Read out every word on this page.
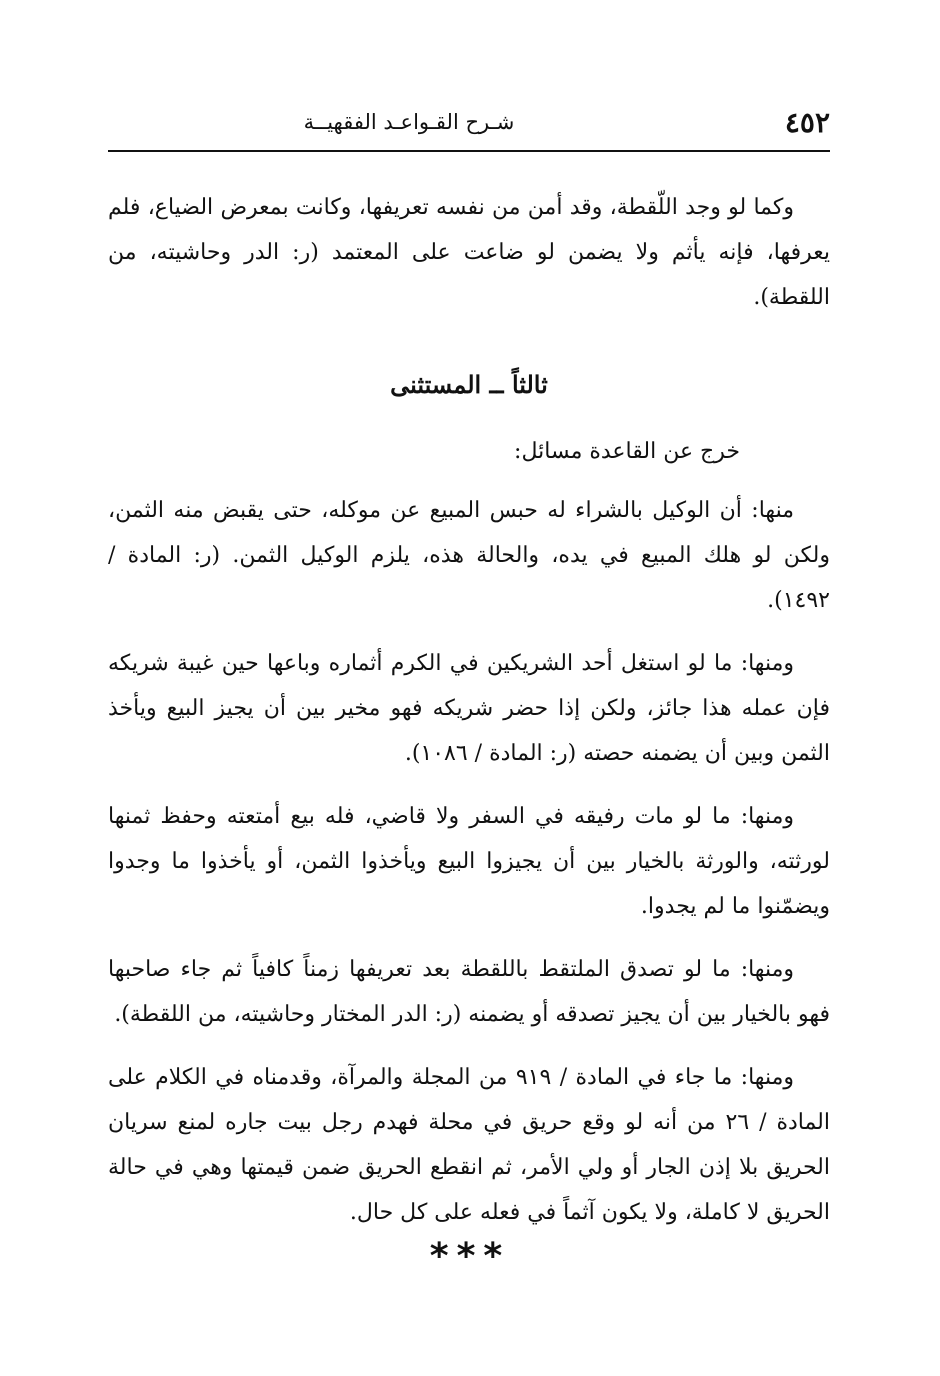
٤٥٢
شـرح القـواعـد الفقهيــة

وكما لو وجد اللّقطة، وقد أمن من نفسه تعريفها، وكانت بمعرض الضياع، فلم يعرفها، فإنه يأثم ولا يضمن لو ضاعت على المعتمد (ر: الدر وحاشيته، من اللقطة).

ثالثاً ــ المستثنى

خرج عن القاعدة مسائل:

منها: أن الوكيل بالشراء له حبس المبيع عن موكله، حتى يقبض منه الثمن، ولكن لو هلك المبيع في يده، والحالة هذه، يلزم الوكيل الثمن. (ر: المادة / ١٤٩٢).

ومنها: ما لو استغل أحد الشريكين في الكرم أثماره وباعها حين غيبة شريكه فإن عمله هذا جائز، ولكن إذا حضر شريكه فهو مخير بين أن يجيز البيع ويأخذ الثمن وبين أن يضمنه حصته (ر: المادة / ١٠٨٦).

ومنها: ما لو مات رفيقه في السفر ولا قاضي، فله بيع أمتعته وحفظ ثمنها لورثته، والورثة بالخيار بين أن يجيزوا البيع ويأخذوا الثمن، أو يأخذوا ما وجدوا ويضمّنوا ما لم يجدوا.

ومنها: ما لو تصدق الملتقط باللقطة بعد تعريفها زمناً كافياً ثم جاء صاحبها فهو بالخيار بين أن يجيز تصدقه أو يضمنه (ر: الدر المختار وحاشيته، من اللقطة).

ومنها: ما جاء في المادة / ٩١٩ من المجلة والمرآة، وقدمناه في الكلام على المادة / ٢٦ من أنه لو وقع حريق في محلة فهدم رجل بيت جاره لمنع سريان الحريق بلا إذن الجار أو ولي الأمر، ثم انقطع الحريق ضمن قيمتها وهي في حالة الحريق لا كاملة، ولا يكون آثماً في فعله على كل حال.

***
